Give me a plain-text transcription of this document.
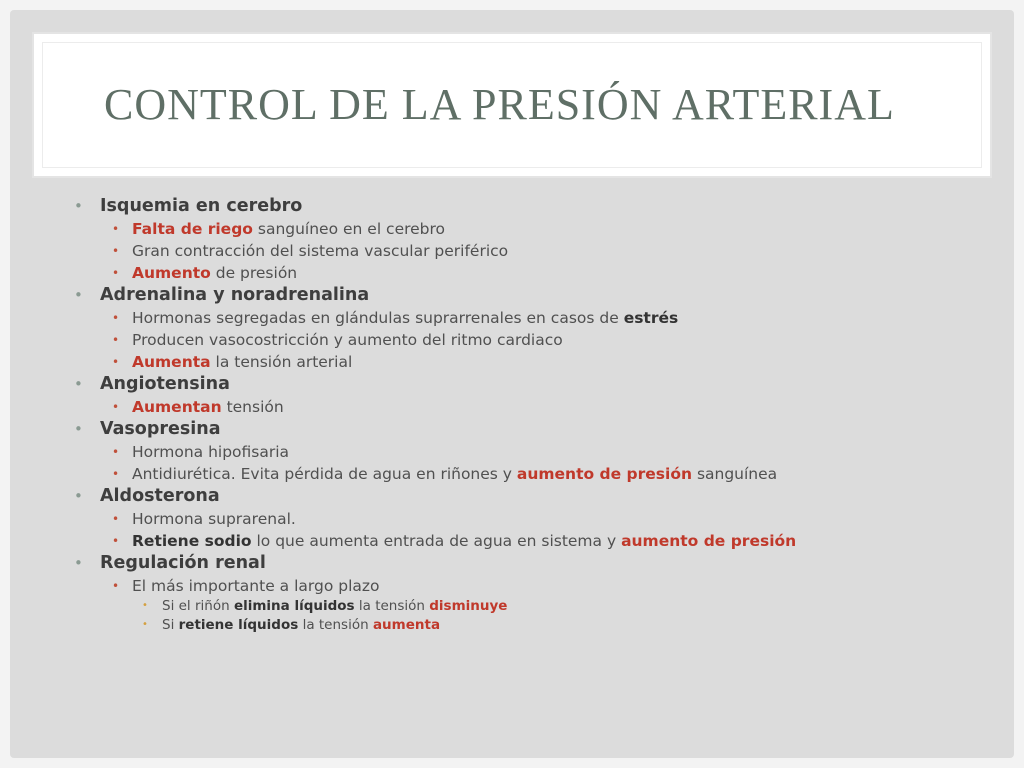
CONTROL DE LA PRESIÓN ARTERIAL
• Isquemia en cerebro
• Falta de riego sanguíneo en el cerebro
• Gran contracción del sistema vascular periférico
• Aumento de presión
• Adrenalina y noradrenalina
• Hormonas segregadas en glándulas suprarrenales en casos de estrés
• Producen vasocostricción y aumento del ritmo cardiaco
• Aumenta la tensión arterial
• Angiotensina
• Aumentan tensión
• Vasopresina
• Hormona hipofisaria
• Antidiurética. Evita pérdida de agua en riñones y aumento de presión sanguínea
• Aldosterona
• Hormona suprarenal.
• Retiene sodio lo que aumenta entrada de agua en sistema y aumento de presión
• Regulación renal
• El más importante a largo plazo
• Si el riñón elimina líquidos la tensión disminuye
• Si retiene líquidos la tensión aumenta
